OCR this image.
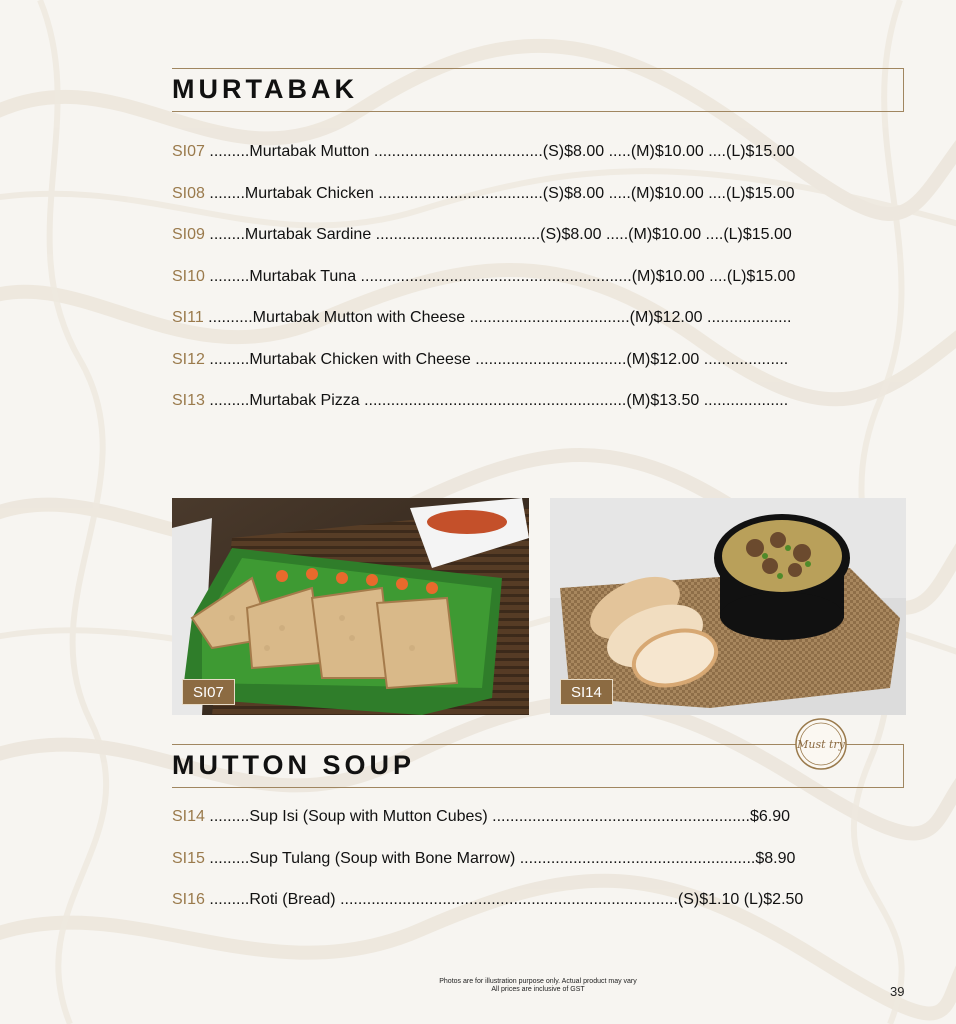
MURTABAK
SI07 .........Murtabak Mutton ......................................(S)$8.00 .....(M)$10.00 ....(L)$15.00
SI08 ........Murtabak Chicken .....................................(S)$8.00 .....(M)$10.00 ....(L)$15.00
SI09 ........Murtabak Sardine .....................................(S)$8.00 .....(M)$10.00 ....(L)$15.00
SI10 .........Murtabak Tuna .............................................................(M)$10.00 ....(L)$15.00
SI11 ..........Murtabak Mutton with Cheese ....................................(M)$12.00 ...................
SI12 .........Murtabak Chicken with Cheese ..................................(M)$12.00 ...................
SI13 .........Murtabak Pizza ...........................................................(M)$13.50 ...................
SI07	SI14
MUTTON SOUP
Must try
SI14 .........Sup Isi (Soup with Mutton Cubes) ..........................................................$6.90
SI15 .........Sup Tulang (Soup with Bone Marrow) .....................................................$8.90
SI16 .........Roti (Bread) ............................................................................(S)$1.10 (L)$2.50
Photos are for illustration purpose only. Actual product may vary
All prices are inclusive of GST	39
